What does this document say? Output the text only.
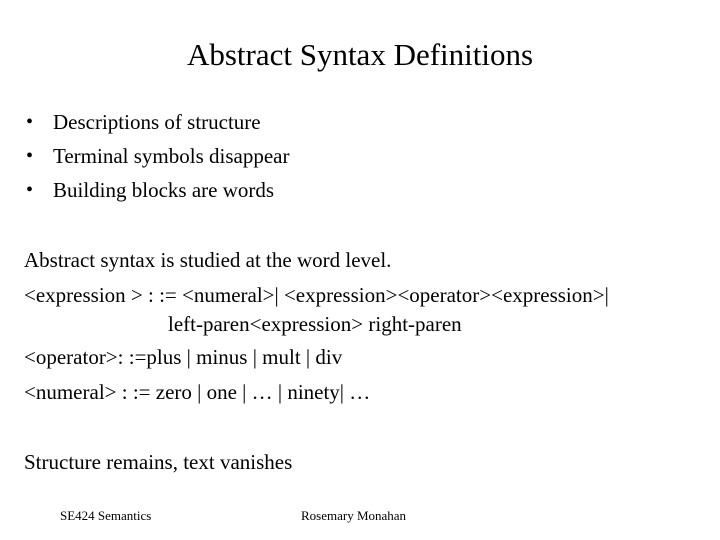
Abstract Syntax Definitions
• Descriptions of structure
• Terminal symbols disappear
• Building blocks are words
Abstract syntax is studied at the word level.
<expression > : := <numeral>| <expression><operator><expression>|
left-paren<expression> right-paren
<operator>: :=plus | minus | mult | div
<numeral> : := zero | one | … | ninety| …
Structure remains, text vanishes
SE424 Semantics	Rosemary Monahan
